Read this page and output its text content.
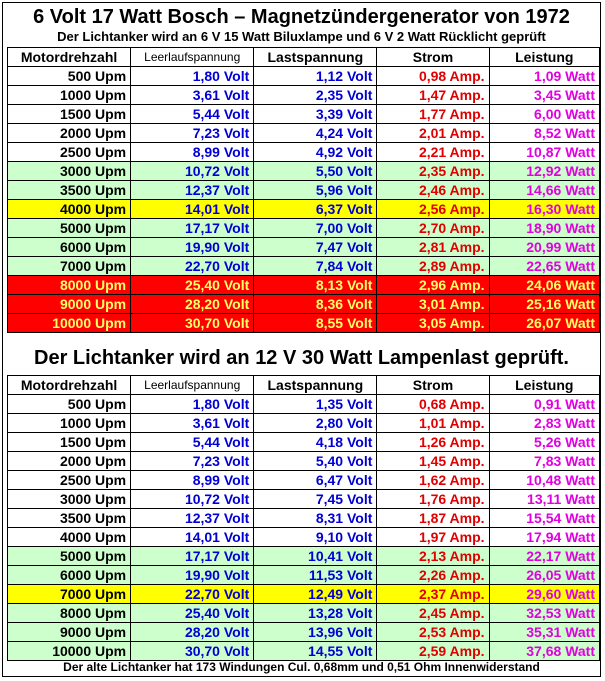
6 Volt 17 Watt Bosch – Magnetzündergenerator von 1972
Der Lichtanker wird an 6 V 15 Watt Biluxlampe und 6 V 2 Watt Rücklicht geprüft
Motordrehzahl	Leerlaufspannung	Lastspannung	Strom	Leistung
500 Upm	1,80 Volt	1,12 Volt	0,98 Amp.	1,09 Watt
1000 Upm	3,61 Volt	2,35 Volt	1,47 Amp.	3,45 Watt
1500 Upm	5,44 Volt	3,39 Volt	1,77 Amp.	6,00 Watt
2000 Upm	7,23 Volt	4,24 Volt	2,01 Amp.	8,52 Watt
2500 Upm	8,99 Volt	4,92 Volt	2,21 Amp.	10,87 Watt
3000 Upm	10,72 Volt	5,50 Volt	2,35 Amp.	12,92 Watt
3500 Upm	12,37 Volt	5,96 Volt	2,46 Amp.	14,66 Watt
4000 Upm	14,01 Volt	6,37 Volt	2,56 Amp.	16,30 Watt
5000 Upm	17,17 Volt	7,00 Volt	2,70 Amp.	18,90 Watt
6000 Upm	19,90 Volt	7,47 Volt	2,81 Amp.	20,99 Watt
7000 Upm	22,70 Volt	7,84 Volt	2,89 Amp.	22,65 Watt
8000 Upm	25,40 Volt	8,13 Volt	2,96 Amp.	24,06 Watt
9000 Upm	28,20 Volt	8,36 Volt	3,01 Amp.	25,16 Watt
10000 Upm	30,70 Volt	8,55 Volt	3,05 Amp.	26,07 Watt
Der Lichtanker wird an 12 V 30 Watt Lampenlast geprüft.
Motordrehzahl	Leerlaufspannung	Lastspannung	Strom	Leistung
500 Upm	1,80 Volt	1,35 Volt	0,68 Amp.	0,91 Watt
1000 Upm	3,61 Volt	2,80 Volt	1,01 Amp.	2,83 Watt
1500 Upm	5,44 Volt	4,18 Volt	1,26 Amp.	5,26 Watt
2000 Upm	7,23 Volt	5,40 Volt	1,45 Amp.	7,83 Watt
2500 Upm	8,99 Volt	6,47 Volt	1,62 Amp.	10,48 Watt
3000 Upm	10,72 Volt	7,45 Volt	1,76 Amp.	13,11 Watt
3500 Upm	12,37 Volt	8,31 Volt	1,87 Amp.	15,54 Watt
4000 Upm	14,01 Volt	9,10 Volt	1,97 Amp.	17,94 Watt
5000 Upm	17,17 Volt	10,41 Volt	2,13 Amp.	22,17 Watt
6000 Upm	19,90 Volt	11,53 Volt	2,26 Amp.	26,05 Watt
7000 Upm	22,70 Volt	12,49 Volt	2,37 Amp.	29,60 Watt
8000 Upm	25,40 Volt	13,28 Volt	2,45 Amp.	32,53 Watt
9000 Upm	28,20 Volt	13,96 Volt	2,53 Amp.	35,31 Watt
10000 Upm	30,70 Volt	14,55 Volt	2,59 Amp.	37,68 Watt
Der alte Lichtanker hat 173 Windungen Cul. 0,68mm und 0,51 Ohm Innenwiderstand
